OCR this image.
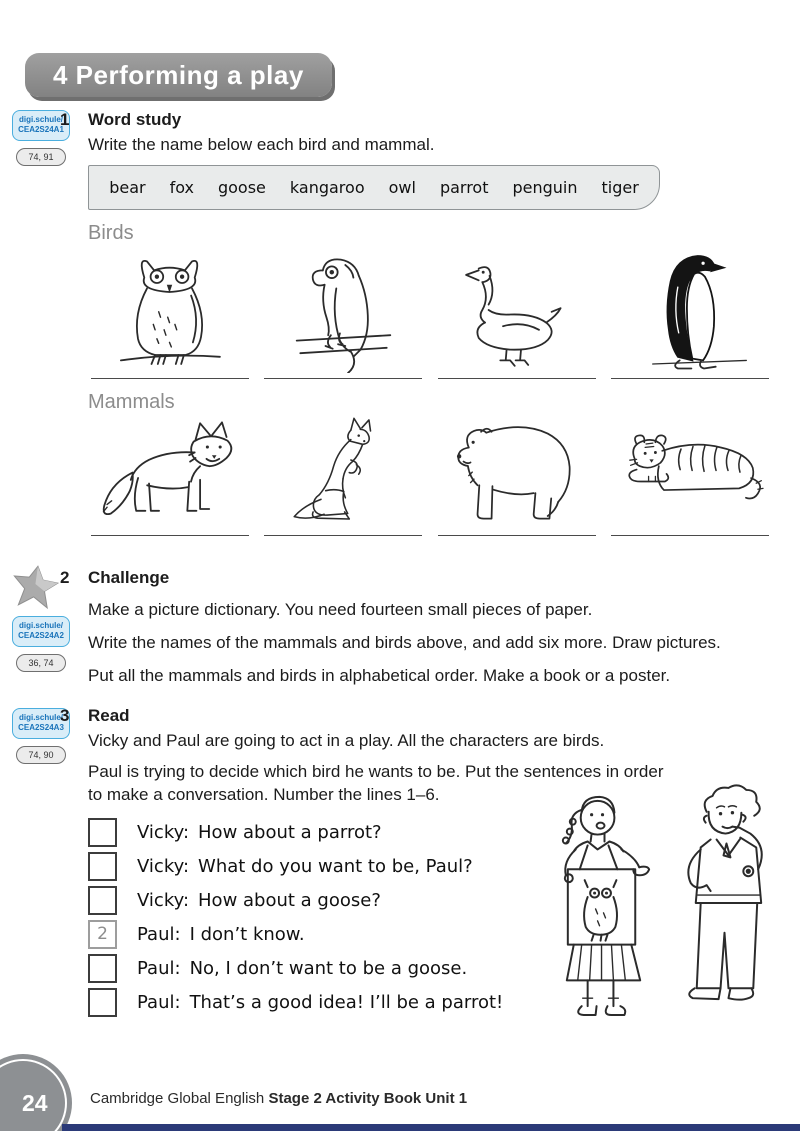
4 Performing a play
digi.schule/
CEA2S24A1
74, 91
1	Word study
Write the name below each bird and mammal.
bear fox goose kangaroo owl parrot penguin tiger
Birds
Mammals
digi.schule/
CEA2S24A2
36, 74
2	Challenge
Make a picture dictionary. You need fourteen small pieces of paper.
Write the names of the mammals and birds above, and add six more. Draw pictures.
Put all the mammals and birds in alphabetical order. Make a book or a poster.
digi.schule/
CEA2S24A3
74, 90
3	Read
Vicky and Paul are going to act in a play. All the characters are birds.
Paul is trying to decide which bird he wants to be. Put the sentences in order
to make a conversation. Number the lines 1–6.
Vicky: How about a parrot?
Vicky: What do you want to be, Paul?
Vicky: How about a goose?
2	Paul: I don’t know.
Paul: No, I don’t want to be a goose.
Paul: That’s a good idea! I’ll be a parrot!
24	Cambridge Global English Stage 2 Activity Book Unit 1
